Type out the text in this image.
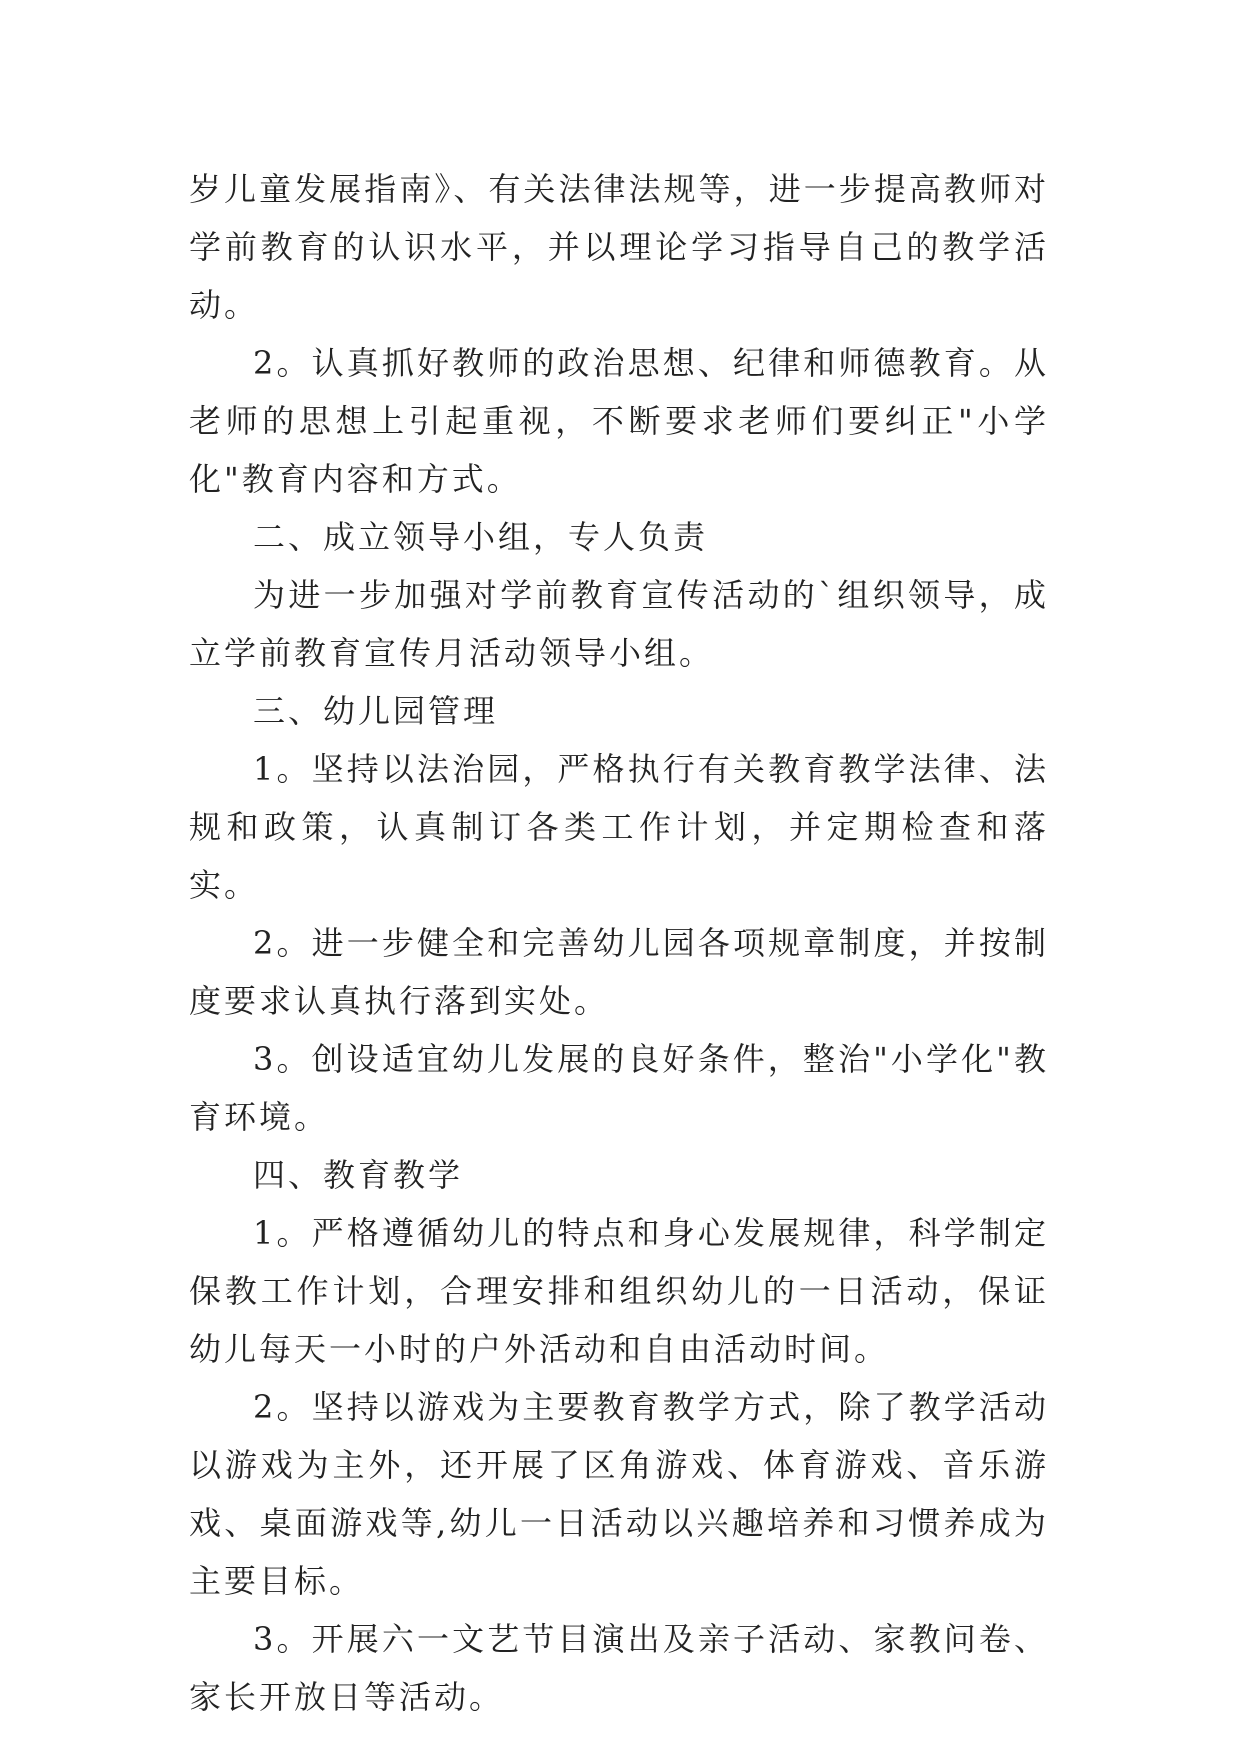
岁儿童发展指南》、有关法律法规等，进一步提高教师对学前教育的认识水平，并以理论学习指导自己的教学活动。

2。认真抓好教师的政治思想、纪律和师德教育。从老师的思想上引起重视，不断要求老师们要纠正"小学化"教育内容和方式。

二、成立领导小组，专人负责

为进一步加强对学前教育宣传活动的`组织领导，成立学前教育宣传月活动领导小组。

三、幼儿园管理

1。坚持以法治园，严格执行有关教育教学法律、法规和政策，认真制订各类工作计划，并定期检查和落实。

2。进一步健全和完善幼儿园各项规章制度，并按制度要求认真执行落到实处。

3。创设适宜幼儿发展的良好条件，整治"小学化"教育环境。

四、教育教学

1。严格遵循幼儿的特点和身心发展规律，科学制定保教工作计划，合理安排和组织幼儿的一日活动，保证幼儿每天一小时的户外活动和自由活动时间。

2。坚持以游戏为主要教育教学方式，除了教学活动以游戏为主外，还开展了区角游戏、体育游戏、音乐游戏、桌面游戏等,幼儿一日活动以兴趣培养和习惯养成为主要目标。

3。开展六一文艺节目演出及亲子活动、家教问卷、家长开放日等活动。
